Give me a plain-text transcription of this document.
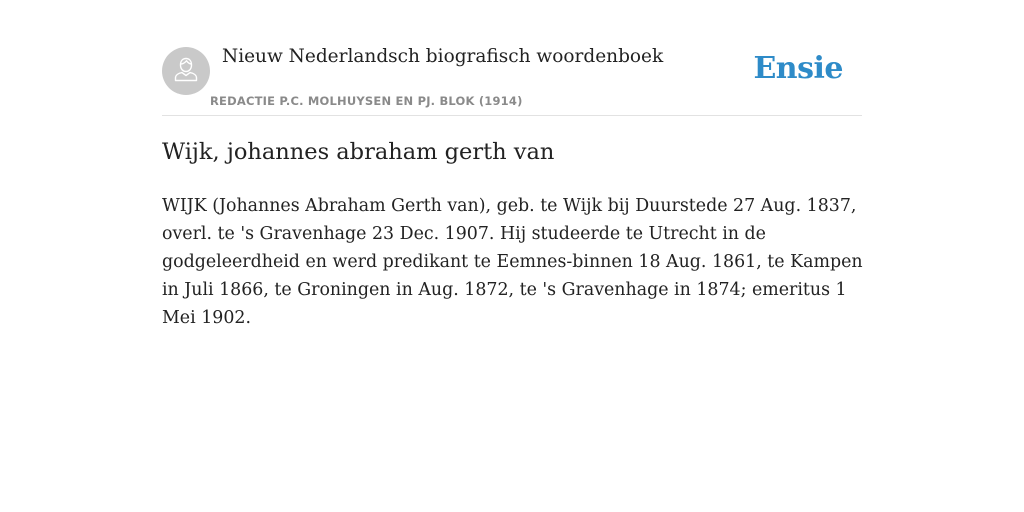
Nieuw Nederlandsch biografisch woordenboek
REDACTIE P.C. MOLHUYSEN EN PJ. BLOK (1914)
Ensie
Wijk, johannes abraham gerth van

WIJK (Johannes Abraham Gerth van), geb. te Wijk bij Duurstede 27 Aug. 1837, overl. te 's Gravenhage 23 Dec. 1907. Hij studeerde te Utrecht in de godgeleerdheid en werd predikant te Eemnes-binnen 18 Aug. 1861, te Kampen in Juli 1866, te Groningen in Aug. 1872, te 's Gravenhage in 1874; emeritus 1 Mei 1902.
